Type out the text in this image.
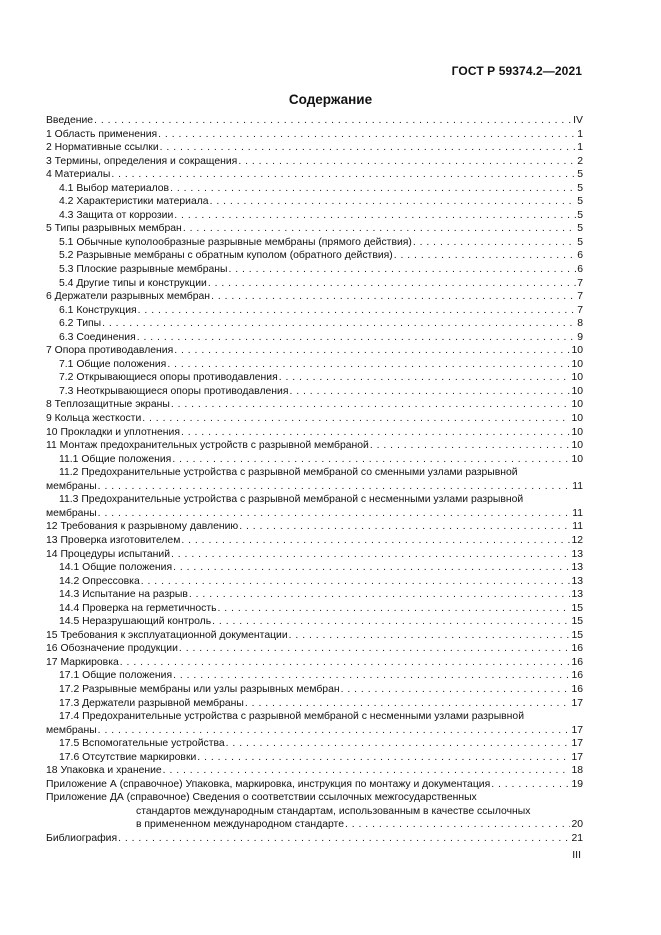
ГОСТ Р 59374.2—2021
Содержание
Введение . . .	IV
1 Область применения . . .	1
2 Нормативные ссылки . . .	1
3 Термины, определения и сокращения . . .	2
4 Материалы . . .	5
4.1 Выбор материалов . . .	5
4.2 Характеристики материала . . .	5
4.3 Защита от коррозии . . .	5
5 Типы разрывных мембран . . .	5
5.1 Обычные куполообразные разрывные мембраны (прямого действия) . . .	5
5.2 Разрывные мембраны с обратным куполом (обратного действия) . . .	6
5.3 Плоские разрывные мембраны . . .	6
5.4 Другие типы и конструкции . . .	7
6 Держатели разрывных мембран . . .	7
6.1 Конструкция . . .	7
6.2 Типы . . .	8
6.3 Соединения . . .	9
7 Опора противодавления . . .	10
7.1 Общие положения . . .	10
7.2 Открывающиеся опоры противодавления . . .	10
7.3 Неоткрывающиеся опоры противодавления . . .	10
8 Теплозащитные экраны . . .	10
9 Кольца жесткости . . .	10
10 Прокладки и уплотнения . . .	10
11 Монтаж предохранительных устройств с разрывной мембраной . . .	10
11.1 Общие положения . . .	10
11.2 Предохранительные устройства с разрывной мембраной со сменными узлами разрывной
мембраны . . .	11
11.3 Предохранительные устройства с разрывной мембраной с несменными узлами разрывной
мембраны . . .	11
12 Требования к разрывному давлению . . .	11
13 Проверка изготовителем . . .	12
14 Процедуры испытаний . . .	13
14.1 Общие положения . . .	13
14.2 Опрессовка . . .	13
14.3 Испытание на разрыв . . .	13
14.4 Проверка на герметичность . . .	15
14.5 Неразрушающий контроль . . .	15
15 Требования к эксплуатационной документации . . .	15
16 Обозначение продукции . . .	16
17 Маркировка . . .	16
17.1 Общие положения . . .	16
17.2 Разрывные мембраны или узлы разрывных мембран . . .	16
17.3 Держатели разрывной мембраны . . .	17
17.4 Предохранительные устройства с разрывной мембраной с несменными узлами разрывной
мембраны . . .	17
17.5 Вспомогательные устройства . . .	17
17.6 Отсутствие маркировки . . .	17
18 Упаковка и хранение . . .	18
Приложение А (справочное) Упаковка, маркировка, инструкция по монтажу и документация . . .	19
Приложение ДА (справочное) Сведения о соответствии ссылочных межгосударственных
стандартов международным стандартам, использованным в качестве ссылочных
в примененном международном стандарте . . .	20
Библиография . . .	21
III
